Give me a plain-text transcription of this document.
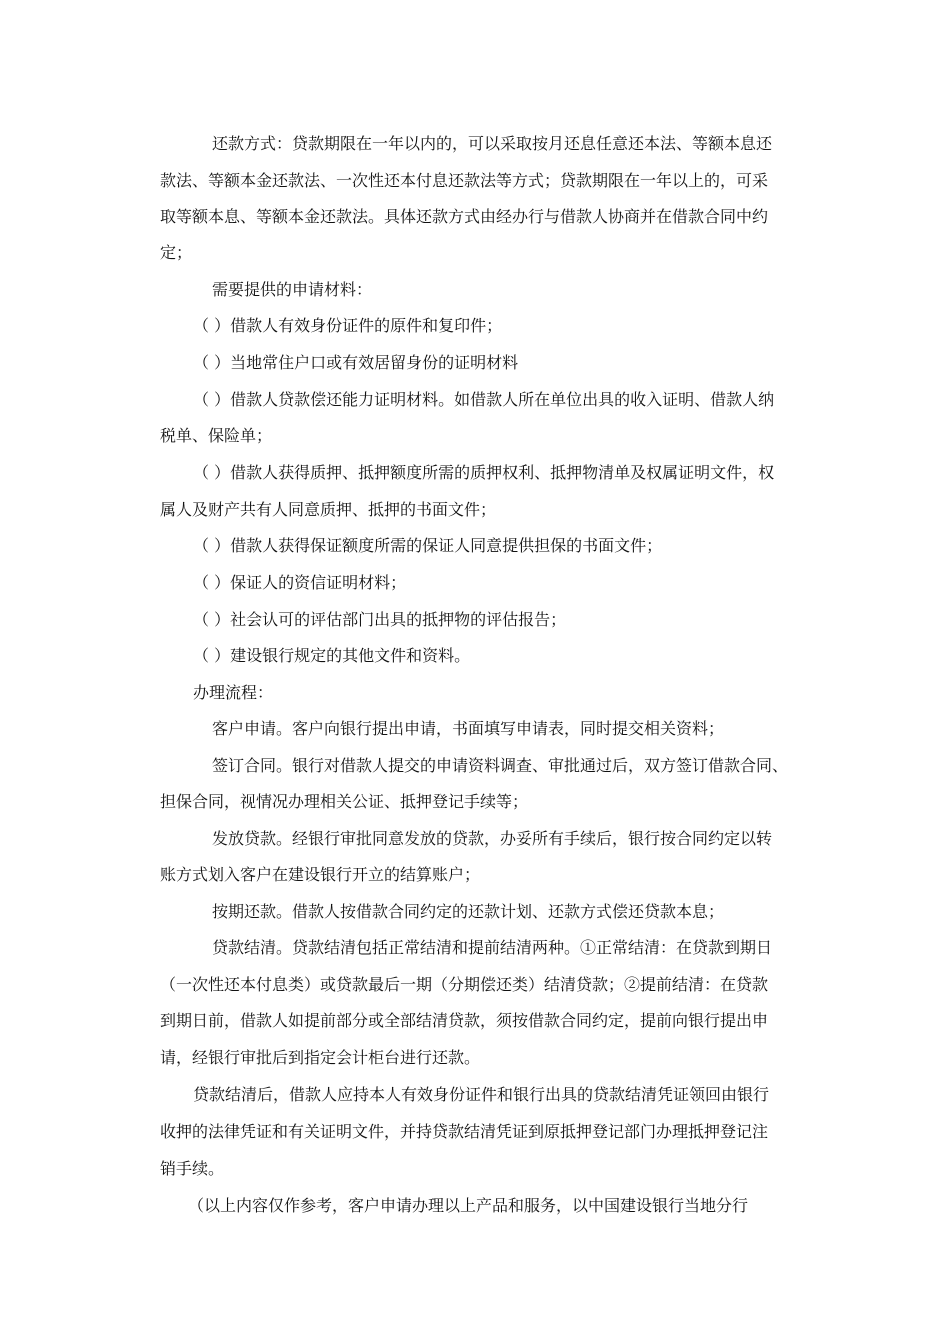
还款方式：贷款期限在一年以内的，可以采取按月还息任意还本法、等额本息还

款法、等额本金还款法、一次性还本付息还款法等方式；贷款期限在一年以上的，可采

取等额本息、等额本金还款法。具体还款方式由经办行与借款人协商并在借款合同中约

定；

需要提供的申请材料：

（ ）借款人有效身份证件的原件和复印件；

（ ）当地常住户口或有效居留身份的证明材料

（ ）借款人贷款偿还能力证明材料。如借款人所在单位出具的收入证明、借款人纳

税单、保险单；

（ ）借款人获得质押、抵押额度所需的质押权利、抵押物清单及权属证明文件，权

属人及财产共有人同意质押、抵押的书面文件；

（ ）借款人获得保证额度所需的保证人同意提供担保的书面文件；

（ ）保证人的资信证明材料；

（ ）社会认可的评估部门出具的抵押物的评估报告；

（ ）建设银行规定的其他文件和资料。

办理流程：

客户申请。客户向银行提出申请，书面填写申请表，同时提交相关资料；

签订合同。银行对借款人提交的申请资料调查、审批通过后，双方签订借款合同、

担保合同，视情况办理相关公证、抵押登记手续等；

发放贷款。经银行审批同意发放的贷款，办妥所有手续后，银行按合同约定以转

账方式划入客户在建设银行开立的结算账户；

按期还款。借款人按借款合同约定的还款计划、还款方式偿还贷款本息；

贷款结清。贷款结清包括正常结清和提前结清两种。①正常结清：在贷款到期日

（一次性还本付息类）或贷款最后一期（分期偿还类）结清贷款；②提前结清：在贷款

到期日前，借款人如提前部分或全部结清贷款，须按借款合同约定，提前向银行提出申

请，经银行审批后到指定会计柜台进行还款。

贷款结清后，借款人应持本人有效身份证件和银行出具的贷款结清凭证领回由银行

收押的法律凭证和有关证明文件，并持贷款结清凭证到原抵押登记部门办理抵押登记注

销手续。

（以上内容仅作参考，客户申请办理以上产品和服务，以中国建设银行当地分行
